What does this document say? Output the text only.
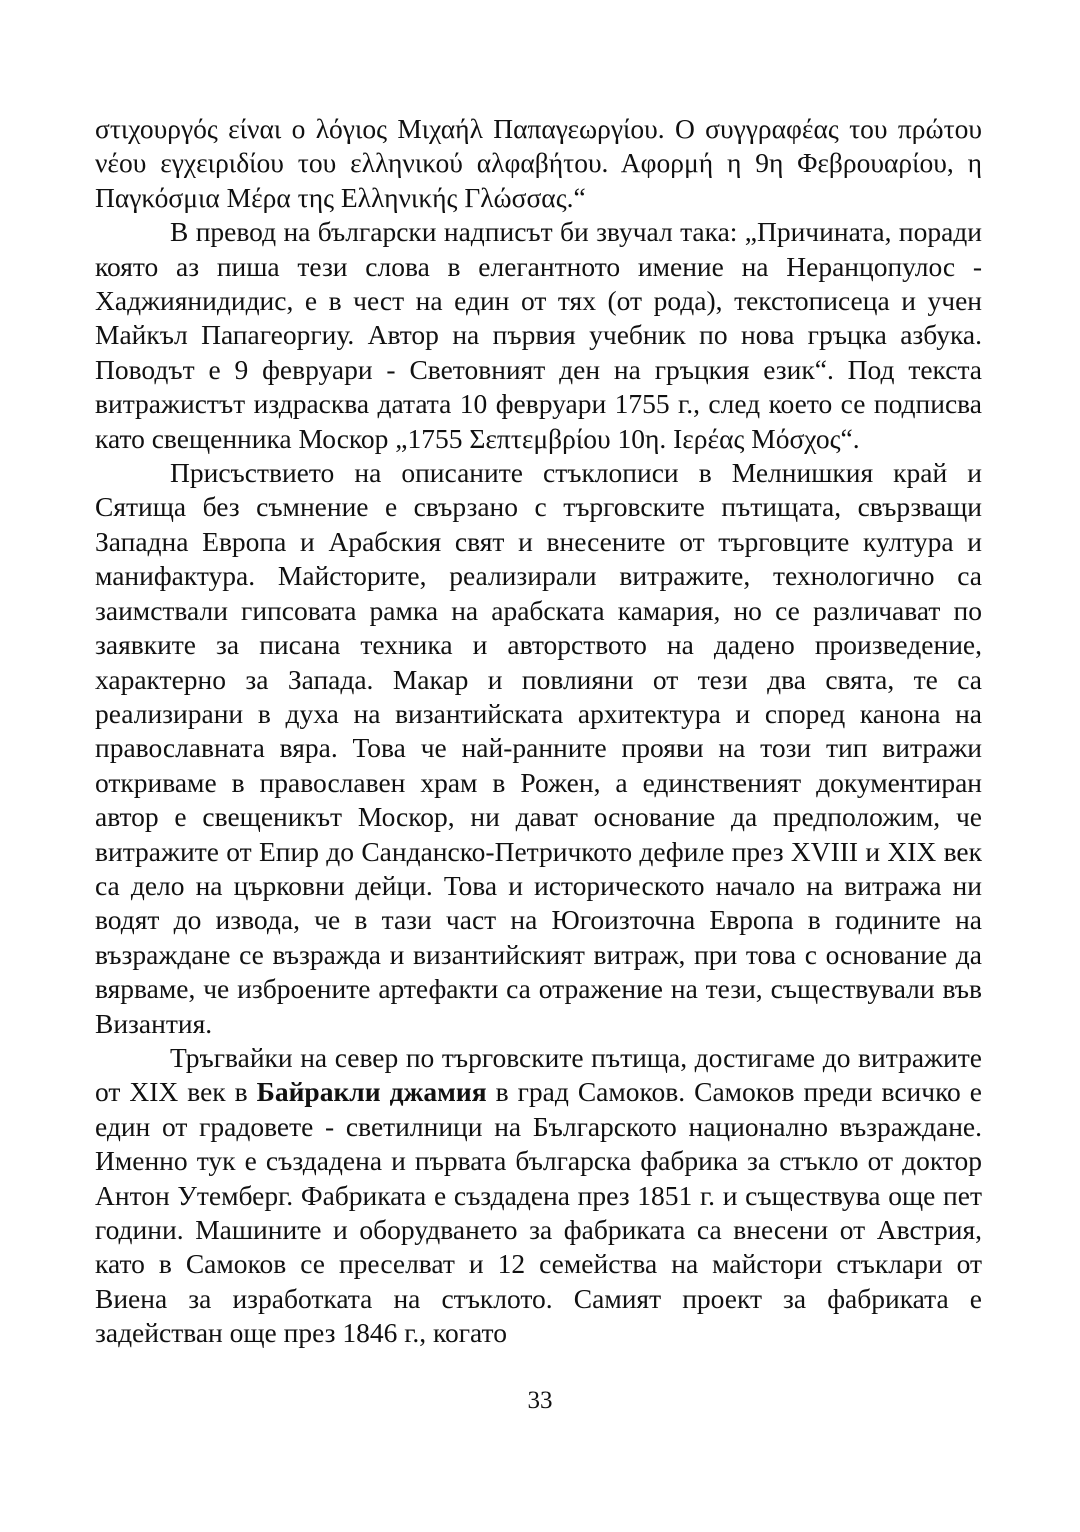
στιχουργός είναι ο λόγιος Μιχαήλ Παπαγεωργίου. Ο συγγραφέας του πρώτου νέου εγχειριδίου του ελληνικού αλφαβήτου. Αφορμή η 9η Φεβρουαρίου, η Παγκόσμια Μέρα της Ελληνικής Γλώσσας.“

В превод на български надписът би звучал така: „Причината, поради която аз пиша тези слова в елегантното имение на Неранцопулос - Хаджиянидидис, е в чест на един от тях (от рода), текстописеца и учен Майкъл Папагеоргиу. Автор на първия учебник по нова гръцка азбука. Поводът е 9 февруари - Световният ден на гръцкия език“. Под текста витражистът издрасква датата 10 февруари 1755 г., след което се подписва като свещенника Москор „1755 Σεπτεμβρίου 10η. Ιερέας Μόσχος“.

Присъствието на описаните стъклописи в Мелнишкия край и Сятища без съмнение е свързано с търговските пътищата, свързващи Западна Европа и Арабския свят и внесените от търговците култура и манифактура. Майсторите, реализирали витражите, технологично са заимствали гипсовата рамка на арабската камария, но се различават по заявките за писана техника и авторството на дадено произведение, характерно за Запада. Макар и повлияни от тези два свята, те са реализирани в духа на византийската архитектура и според канона на православната вяра. Това че най-ранните прояви на този тип витражи откриваме в православен храм в Рожен, а единственият документиран автор е свещеникът Москор, ни дават основание да предположим, че витражите от Епир до Санданско-Петричкото дефиле през XVIII и XIX век са дело на църковни дейци. Това и историческото начало на витража ни водят до извода, че в тази част на Югоизточна Европа в годините на възраждане се възражда и византийският витраж, при това с основание да вярваме, че изброените артефакти са отражение на тези, съществували във Византия.

Тръгвайки на север по търговските пътища, достигаме до витражите от XIX век в Байракли джамия в град Самоков. Самоков преди всичко е един от градовете - светилници на Българското национално възраждане. Именно тук е създадена и първата българска фабрика за стъкло от доктор Антон Утемберг. Фабриката е създадена през 1851 г. и съществува още пет години. Машините и оборудването за фабриката са внесени от Австрия, като в Самоков се преселват и 12 семейства на майстори стъклари от Виена за изработката на стъклото. Самият проект за фабриката е задействан още през 1846 г., когато

33
